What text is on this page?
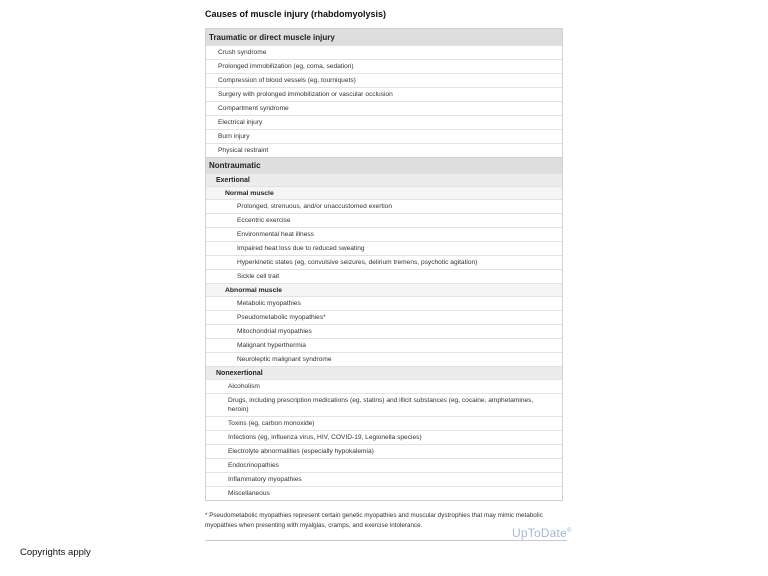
Causes of muscle injury (rhabdomyolysis)
Traumatic or direct muscle injury
Crush syndrome
Prolonged immobilization (eg, coma, sedation)
Compression of blood vessels (eg, tourniquets)
Surgery with prolonged immobilization or vascular occlusion
Compartment syndrome
Electrical injury
Burn injury
Physical restraint
Nontraumatic
Exertional
Normal muscle
Prolonged, strenuous, and/or unaccustomed exertion
Eccentric exercise
Environmental heat illness
Impaired heat loss due to reduced sweating
Hyperkinetic states (eg, convulsive seizures, delirium tremens, psychotic agitation)
Sickle cell trait
Abnormal muscle
Metabolic myopathies
Pseudometabolic myopathies*
Mitochondrial myopathies
Malignant hyperthermia
Neuroleptic malignant syndrome
Nonexertional
Alcoholism
Drugs, including prescription medications (eg, statins) and illicit substances (eg, cocaine, amphetamines, heroin)
Toxins (eg, carbon monoxide)
Infections (eg, influenza virus, HIV, COVID-19, Legionella species)
Electrolyte abnormalities (especially hypokalemia)
Endocrinopathies
Inflammatory myopathies
Miscellaneous
* Pseudometabolic myopathies represent certain genetic myopathies and muscular dystrophies that may mimic metabolic myopathies when presenting with myalgias, cramps, and exercise intolerance.
UpToDate®
Copyrights apply
